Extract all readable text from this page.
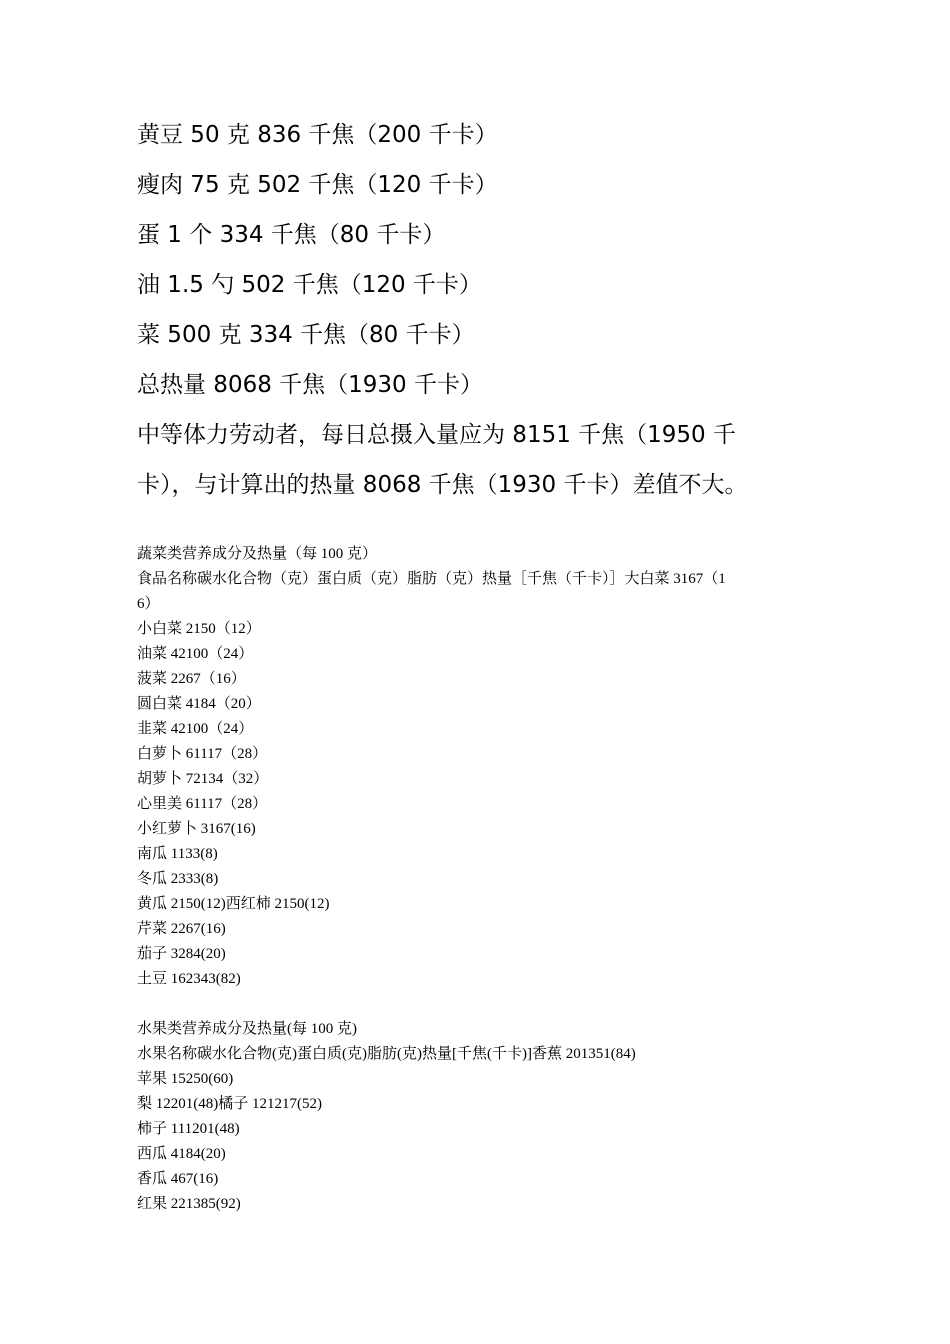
黄豆 50 克 836 千焦（200 千卡）
瘦肉 75 克 502 千焦（120 千卡）
蛋 1 个 334 千焦（80 千卡）
油 1.5 勺 502 千焦（120 千卡）
菜 500 克 334 千焦（80 千卡）
总热量 8068 千焦（1930 千卡）
中等体力劳动者，每日总摄入量应为 8151 千焦（1950 千
卡），与计算出的热量 8068 千焦（1930 千卡）差值不大。
蔬菜类营养成分及热量（每 100 克）
食品名称碳水化合物（克）蛋白质（克）脂肪（克）热量［千焦（千卡）］大白菜 3167（1
6）
小白菜 2150（12）
油菜 42100（24）
菠菜 2267（16）
圆白菜 4184（20）
韭菜 42100（24）
白萝卜 61117（28）
胡萝卜 72134（32）
心里美 61117（28）
小红萝卜 3167(16)
南瓜 1133(8)
冬瓜 2333(8)
黄瓜 2150(12)西红柿 2150(12)
芹菜 2267(16)
茄子 3284(20)
土豆 162343(82)
水果类营养成分及热量(每 100 克)
水果名称碳水化合物(克)蛋白质(克)脂肪(克)热量[千焦(千卡)]香蕉 201351(84)
苹果 15250(60)
梨 12201(48)橘子 121217(52)
柿子 111201(48)
西瓜 4184(20)
香瓜 467(16)
红果 221385(92)
